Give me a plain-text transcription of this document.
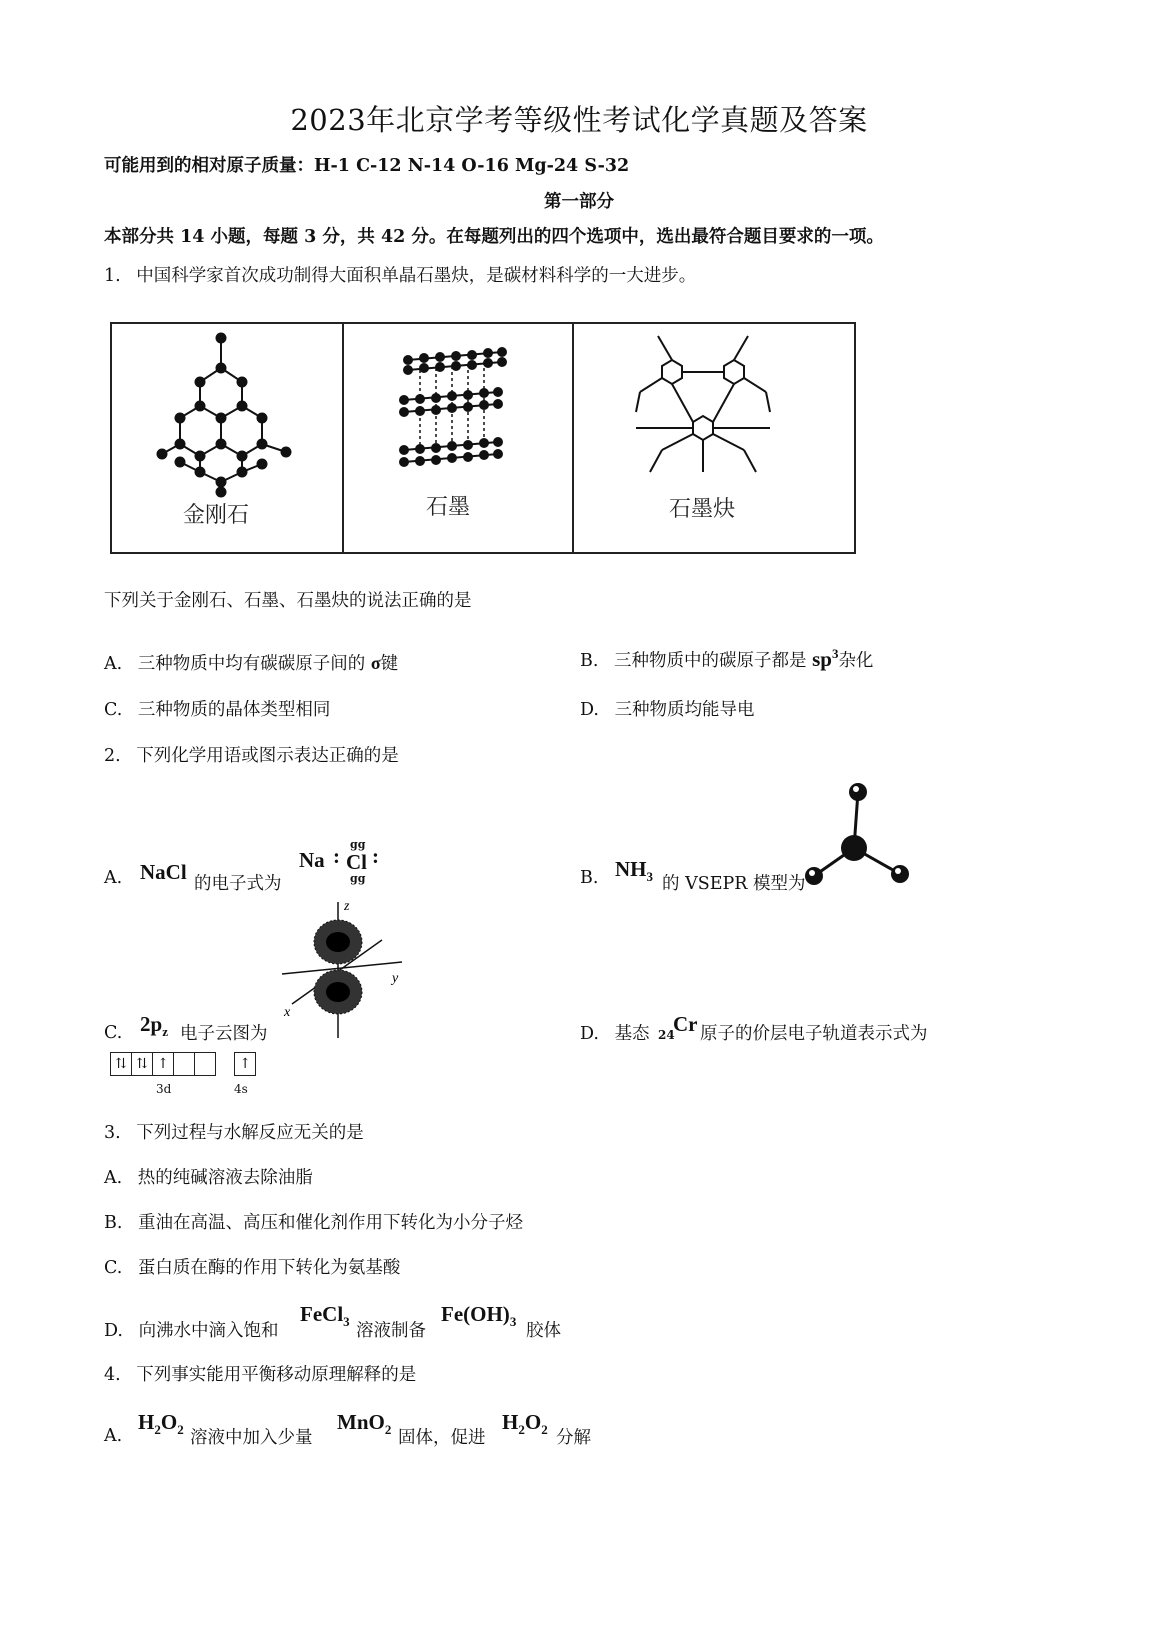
2023年北京学考等级性考试化学真题及答案
可能用到的相对原子质量：H-1 C-12 N-14 O-16 Mg-24 S-32
第一部分
本部分共 14 小题，每题 3 分，共 42 分。在每题列出的四个选项中，选出最符合题目要求的一项。
1. 中国科学家首次成功制得大面积单晶石墨炔，是碳材料科学的一大进步。
金刚石	石墨	石墨炔
下列关于金刚石、石墨、石墨炔的说法正确的是
A. 三种物质中均有碳碳原子间的 σ键	B. 三种物质中的碳原子都是 $sp^3$杂化
C. 三种物质的晶体类型相同	D. 三种物质均能导电
2. 下列化学用语或图示表达正确的是
A. NaCl 的电子式为
Na : Cl :
gg
gg	B. $NH_3$ 的 VSEPR 模型为
z
y
x
C. $2p_z$ 电子云图为	D. 基态 24
Cr 原子的价层电子轨道表示式为
⇅ ⇅ ↑	↑
3d	4s
3. 下列过程与水解反应无关的是
A. 热的纯碱溶液去除油脂
B. 重油在高温、高压和催化剂作用下转化为小分子烃
C. 蛋白质在酶的作用下转化为氨基酸
D. 向沸水中滴入饱和
FeCl$_3$ 溶液制备
$Fe(OH)_3$ 胶体
4. 下列事实能用平衡移动原理解释的是
A.
$H_2O_2$ 溶液中加入少量
MnO$_2$ 固体，促进
$H_2O_2$ 分解
